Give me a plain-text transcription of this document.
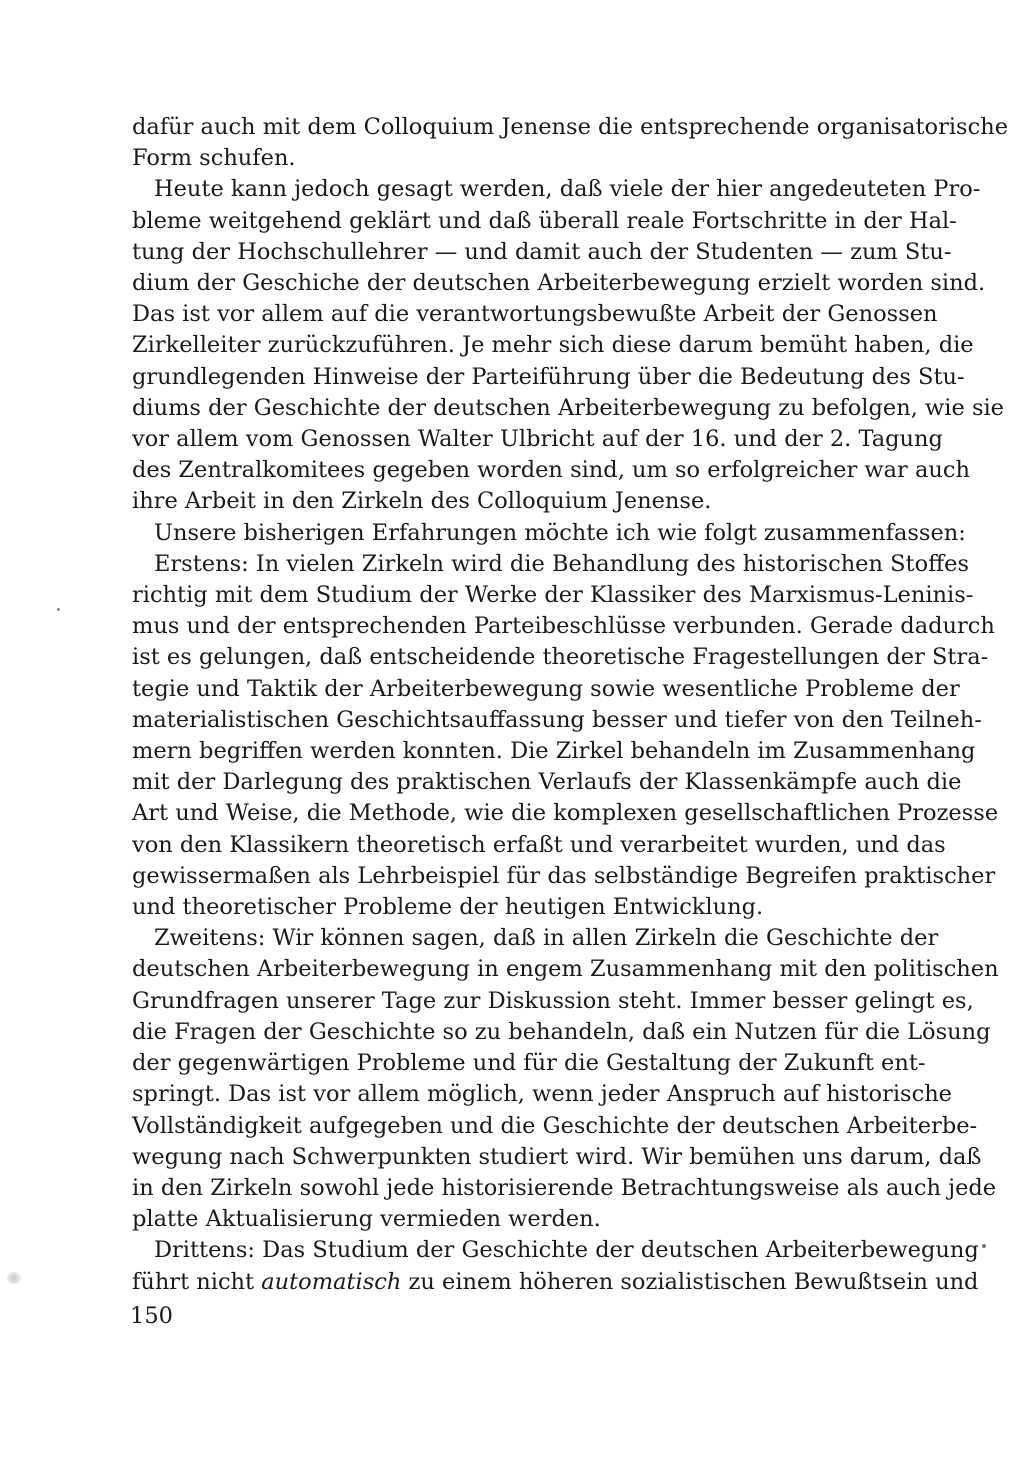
dafür auch mit dem Colloquium Jenense die entsprechende organisatorische
Form schufen.

Heute kann jedoch gesagt werden, daß viele der hier angedeuteten Pro-
bleme weitgehend geklärt und daß überall reale Fortschritte in der Hal-
tung der Hochschullehrer — und damit auch der Studenten — zum Stu-
dium der Geschiche der deutschen Arbeiterbewegung erzielt worden sind.
Das ist vor allem auf die verantwortungsbewußte Arbeit der Genossen
Zirkelleiter zurückzuführen. Je mehr sich diese darum bemüht haben, die
grundlegenden Hinweise der Parteiführung über die Bedeutung des Stu-
diums der Geschichte der deutschen Arbeiterbewegung zu befolgen, wie sie
vor allem vom Genossen Walter Ulbricht auf der 16. und der 2. Tagung
des Zentralkomitees gegeben worden sind, um so erfolgreicher war auch
ihre Arbeit in den Zirkeln des Colloquium Jenense.

Unsere bisherigen Erfahrungen möchte ich wie folgt zusammenfassen:

Erstens: In vielen Zirkeln wird die Behandlung des historischen Stoffes
richtig mit dem Studium der Werke der Klassiker des Marxismus-Leninis-
mus und der entsprechenden Parteibeschlüsse verbunden. Gerade dadurch
ist es gelungen, daß entscheidende theoretische Fragestellungen der Stra-
tegie und Taktik der Arbeiterbewegung sowie wesentliche Probleme der
materialistischen Geschichtsauffassung besser und tiefer von den Teilneh-
mern begriffen werden konnten. Die Zirkel behandeln im Zusammenhang
mit der Darlegung des praktischen Verlaufs der Klassenkämpfe auch die
Art und Weise, die Methode, wie die komplexen gesellschaftlichen Prozesse
von den Klassikern theoretisch erfaßt und verarbeitet wurden, und das
gewissermaßen als Lehrbeispiel für das selbständige Begreifen praktischer
und theoretischer Probleme der heutigen Entwicklung.

Zweitens: Wir können sagen, daß in allen Zirkeln die Geschichte der
deutschen Arbeiterbewegung in engem Zusammenhang mit den politischen
Grundfragen unserer Tage zur Diskussion steht. Immer besser gelingt es,
die Fragen der Geschichte so zu behandeln, daß ein Nutzen für die Lösung
der gegenwärtigen Probleme und für die Gestaltung der Zukunft ent-
springt. Das ist vor allem möglich, wenn jeder Anspruch auf historische
Vollständigkeit aufgegeben und die Geschichte der deutschen Arbeiterbe-
wegung nach Schwerpunkten studiert wird. Wir bemühen uns darum, daß
in den Zirkeln sowohl jede historisierende Betrachtungsweise als auch jede
platte Aktualisierung vermieden werden.

Drittens: Das Studium der Geschichte der deutschen Arbeiterbewegung
führt nicht automatisch zu einem höheren sozialistischen Bewußtsein und

150
